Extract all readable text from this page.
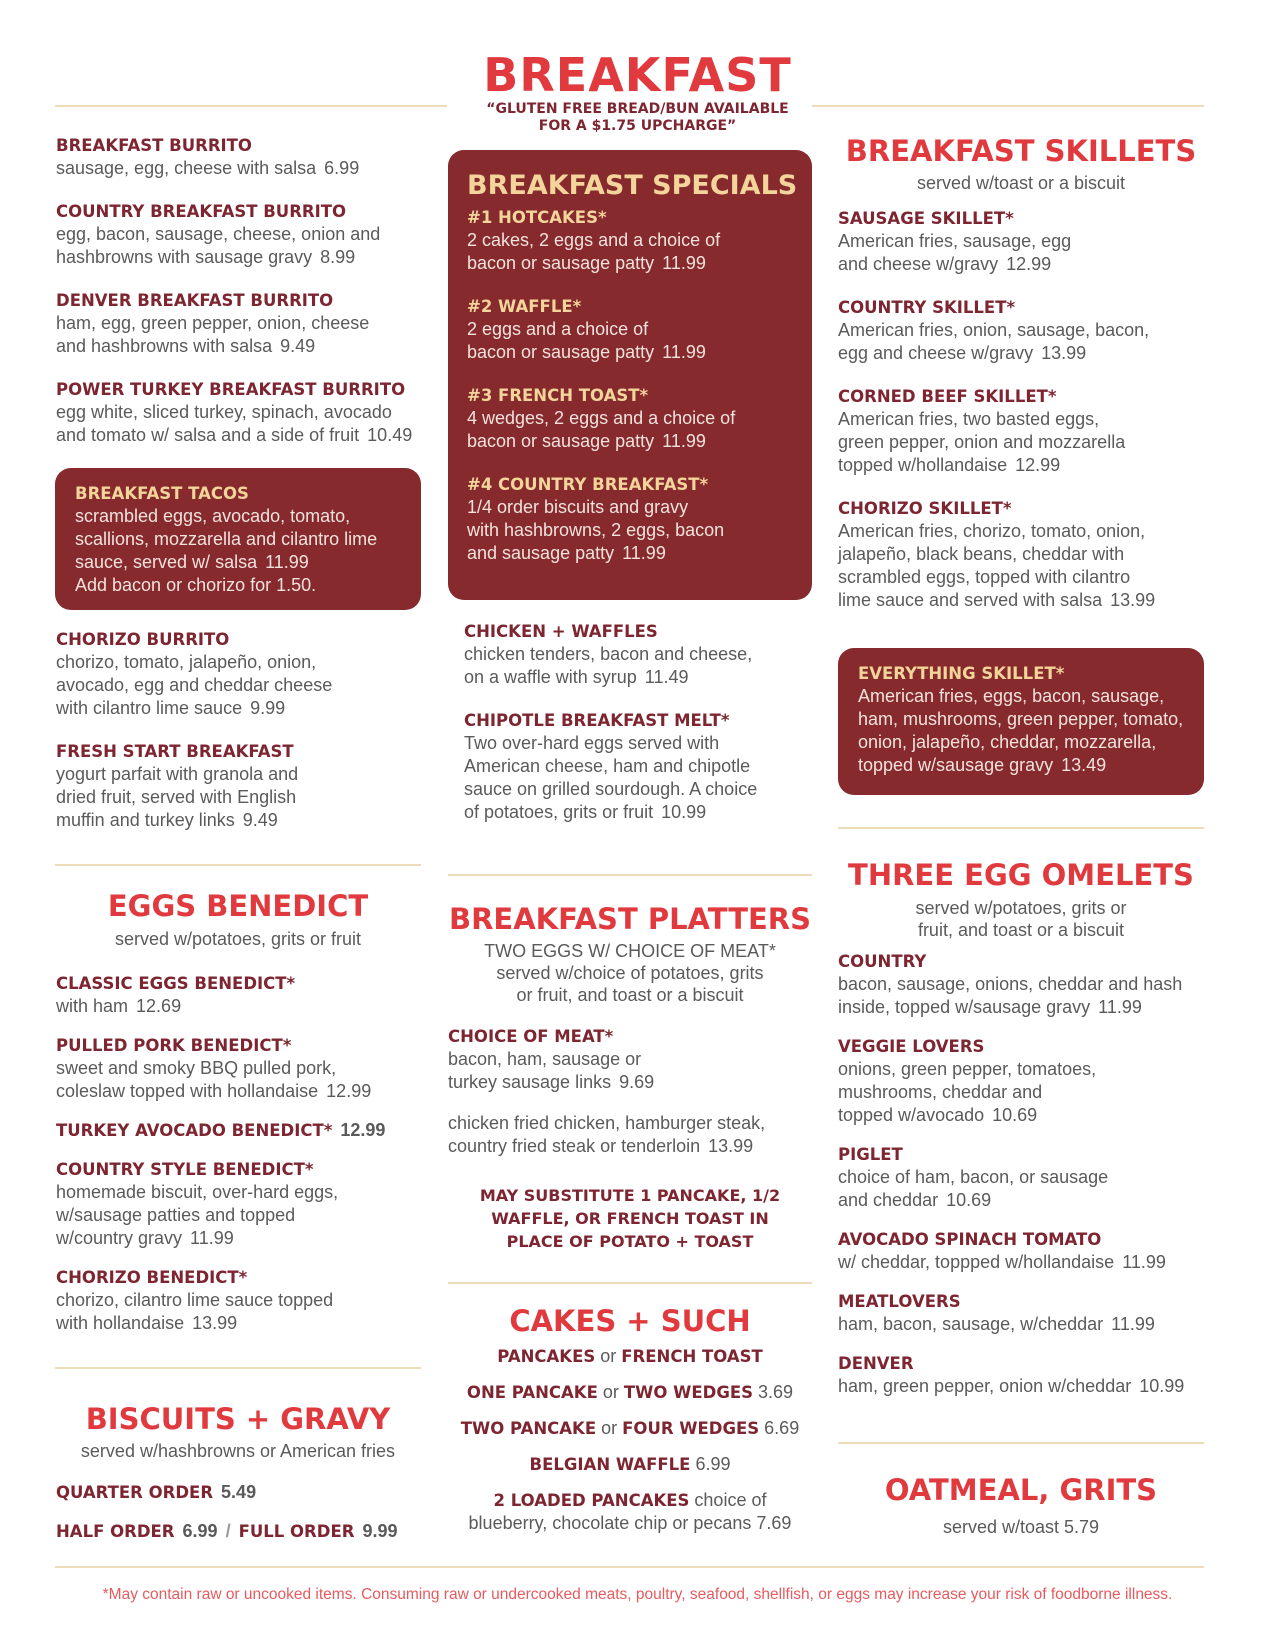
BREAKFAST
“GLUTEN FREE BREAD/BUN AVAILABLE
FOR A $1.75 UPCHARGE”
BREAKFAST BURRITO
sausage, egg, cheese with salsa 6.99
COUNTRY BREAKFAST BURRITO
egg, bacon, sausage, cheese, onion and
hashbrowns with sausage gravy 8.99
DENVER BREAKFAST BURRITO
ham, egg, green pepper, onion, cheese
and hashbrowns with salsa 9.49
POWER TURKEY BREAKFAST BURRITO
egg white, sliced turkey, spinach, avocado
and tomato w/ salsa and a side of fruit 10.49
BREAKFAST TACOS
scrambled eggs, avocado, tomato,
scallions, mozzarella and cilantro lime
sauce, served w/ salsa 11.99
Add bacon or chorizo for 1.50.
CHORIZO BURRITO
chorizo, tomato, jalapeño, onion,
avocado, egg and cheddar cheese
with cilantro lime sauce 9.99
FRESH START BREAKFAST
yogurt parfait with granola and
dried fruit, served with English
muffin and turkey links 9.49
EGGS BENEDICT
served w/potatoes, grits or fruit
CLASSIC EGGS BENEDICT*
with ham 12.69
PULLED PORK BENEDICT*
sweet and smoky BBQ pulled pork,
coleslaw topped with hollandaise 12.99
TURKEY AVOCADO BENEDICT* 12.99
COUNTRY STYLE BENEDICT*
homemade biscuit, over-hard eggs,
w/sausage patties and topped
w/country gravy 11.99
CHORIZO BENEDICT*
chorizo, cilantro lime sauce topped
with hollandaise 13.99
BISCUITS + GRAVY
served w/hashbrowns or American fries
QUARTER ORDER 5.49
HALF ORDER 6.99 / FULL ORDER 9.99
BREAKFAST SPECIALS
#1 HOTCAKES*
2 cakes, 2 eggs and a choice of
bacon or sausage patty 11.99
#2 WAFFLE*
2 eggs and a choice of
bacon or sausage patty 11.99
#3 FRENCH TOAST*
4 wedges, 2 eggs and a choice of
bacon or sausage patty 11.99
#4 COUNTRY BREAKFAST*
1/4 order biscuits and gravy
with hashbrowns, 2 eggs, bacon
and sausage patty 11.99
CHICKEN + WAFFLES
chicken tenders, bacon and cheese,
on a waffle with syrup 11.49
CHIPOTLE BREAKFAST MELT*
Two over-hard eggs served with
American cheese, ham and chipotle
sauce on grilled sourdough. A choice
of potatoes, grits or fruit 10.99
BREAKFAST PLATTERS
TWO EGGS W/ CHOICE OF MEAT*
served w/choice of potatoes, grits
or fruit, and toast or a biscuit
CHOICE OF MEAT*
bacon, ham, sausage or
turkey sausage links 9.69
chicken fried chicken, hamburger steak,
country fried steak or tenderloin 13.99
MAY SUBSTITUTE 1 PANCAKE, 1/2
WAFFLE, OR FRENCH TOAST IN
PLACE OF POTATO + TOAST
CAKES + SUCH
PANCAKES or FRENCH TOAST
ONE PANCAKE or TWO WEDGES 3.69
TWO PANCAKE or FOUR WEDGES 6.69
BELGIAN WAFFLE 6.99
2 LOADED PANCAKES choice of
blueberry, chocolate chip or pecans 7.69
BREAKFAST SKILLETS
served w/toast or a biscuit
SAUSAGE SKILLET*
American fries, sausage, egg
and cheese w/gravy 12.99
COUNTRY SKILLET*
American fries, onion, sausage, bacon,
egg and cheese w/gravy 13.99
CORNED BEEF SKILLET*
American fries, two basted eggs,
green pepper, onion and mozzarella
topped w/hollandaise 12.99
CHORIZO SKILLET*
American fries, chorizo, tomato, onion,
jalapeño, black beans, cheddar with
scrambled eggs, topped with cilantro
lime sauce and served with salsa 13.99
EVERYTHING SKILLET*
American fries, eggs, bacon, sausage,
ham, mushrooms, green pepper, tomato,
onion, jalapeño, cheddar, mozzarella,
topped w/sausage gravy 13.49
THREE EGG OMELETS
served w/potatoes, grits or
fruit, and toast or a biscuit
COUNTRY
bacon, sausage, onions, cheddar and hash
inside, topped w/sausage gravy 11.99
VEGGIE LOVERS
onions, green pepper, tomatoes,
mushrooms, cheddar and
topped w/avocado 10.69
PIGLET
choice of ham, bacon, or sausage
and cheddar 10.69
AVOCADO SPINACH TOMATO
w/ cheddar, toppped w/hollandaise 11.99
MEATLOVERS
ham, bacon, sausage, w/cheddar 11.99
DENVER
ham, green pepper, onion w/cheddar 10.99
OATMEAL, GRITS
served w/toast 5.79
*May contain raw or uncooked items. Consuming raw or undercooked meats, poultry, seafood, shellfish, or eggs may increase your risk of foodborne illness.
